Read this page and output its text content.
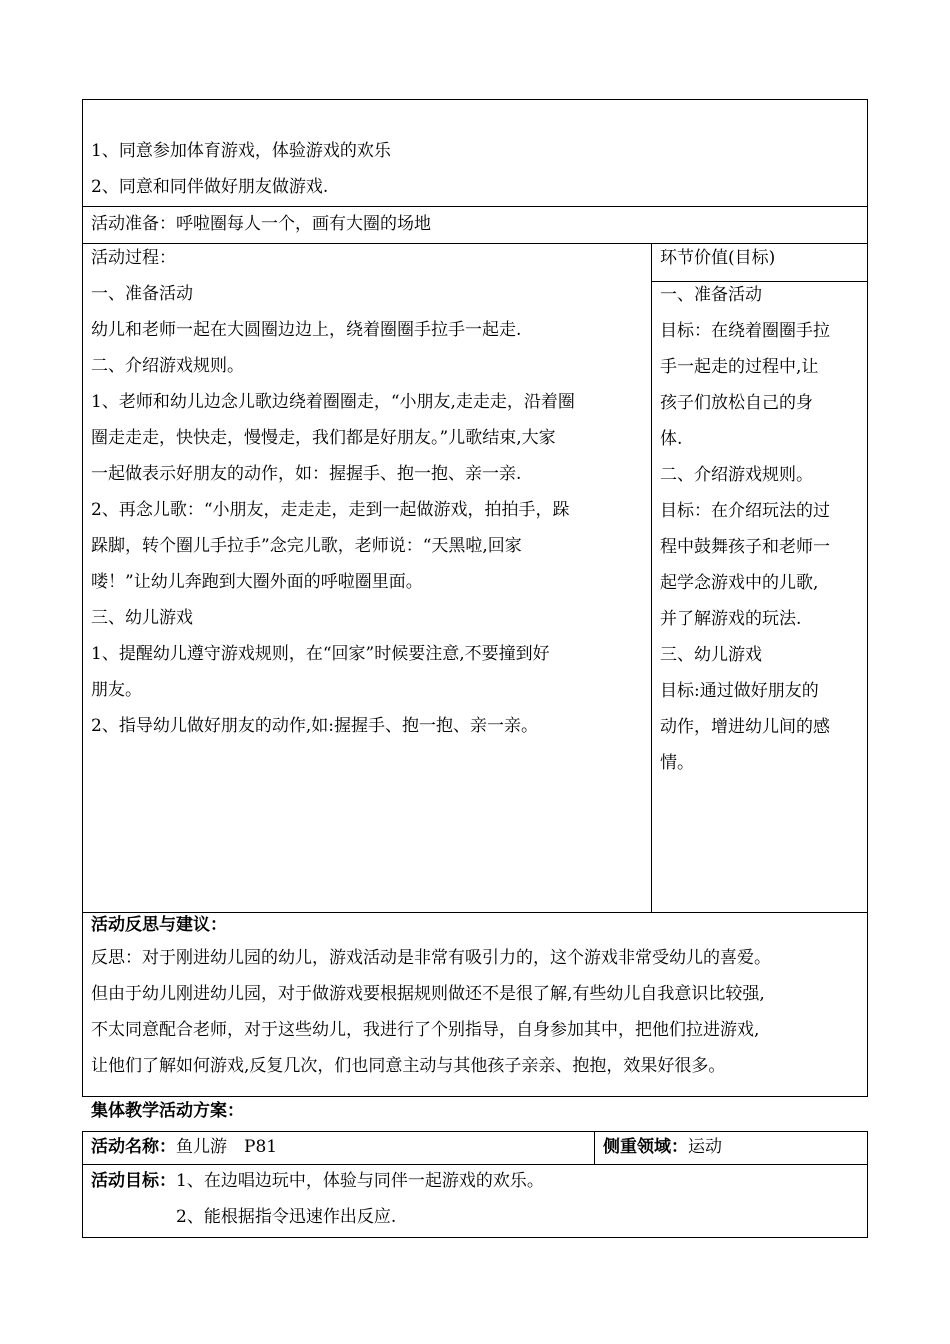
1、同意参加体育游戏，体验游戏的欢乐
2、同意和同伴做好朋友做游戏.
活动准备：呼啦圈每人一个，画有大圈的场地
活动过程：
一、准备活动
幼儿和老师一起在大圆圈边边上，绕着圈圈手拉手一起走.
二、介绍游戏规则。
1、老师和幼儿边念儿歌边绕着圈圈走，“小朋友,走走走，沿着圈
圈走走走，快快走，慢慢走，我们都是好朋友。”儿歌结束,大家
一起做表示好朋友的动作，如：握握手、抱一抱、亲一亲.
2、再念儿歌：“小朋友，走走走，走到一起做游戏，拍拍手，跺
跺脚，转个圈儿手拉手”念完儿歌，老师说：“天黑啦,回家
喽！”让幼儿奔跑到大圈外面的呼啦圈里面。
三、幼儿游戏
1、提醒幼儿遵守游戏规则，在“回家”时候要注意,不要撞到好
朋友。
2、指导幼儿做好朋友的动作,如:握握手、抱一抱、亲一亲。
环节价值(目标)
一、准备活动
目标：在绕着圈圈手拉
手一起走的过程中,让
孩子们放松自己的身
体.
二、介绍游戏规则。
目标：在介绍玩法的过
程中鼓舞孩子和老师一
起学念游戏中的儿歌,
并了解游戏的玩法.
三、幼儿游戏
目标:通过做好朋友的
动作，增进幼儿间的感
情。
活动反思与建议：
反思：对于刚进幼儿园的幼儿，游戏活动是非常有吸引力的，这个游戏非常受幼儿的喜爱。
但由于幼儿刚进幼儿园，对于做游戏要根据规则做还不是很了解,有些幼儿自我意识比较强,
不太同意配合老师，对于这些幼儿，我进行了个别指导，自身参加其中，把他们拉进游戏,
让他们了解如何游戏,反复几次，们也同意主动与其他孩子亲亲、抱抱，效果好很多。
集体教学活动方案：
活动名称：鱼儿游　P81	侧重领域：运动
活动目标：1、在边唱边玩中，体验与同伴一起游戏的欢乐。
2、能根据指令迅速作出反应.
